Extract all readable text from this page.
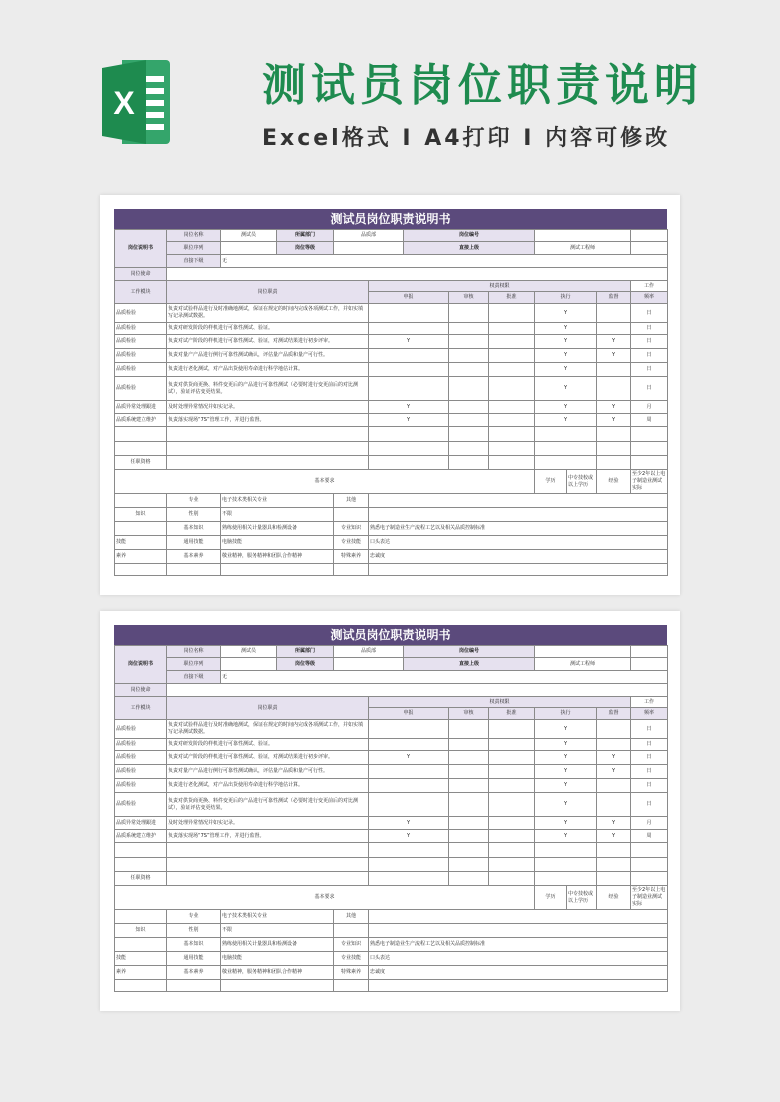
X	测试员岗位职责说明
Excel格式 I A4打印 I 内容可修改
测试员岗位职责说明书
岗位说明书	岗位名称	测试员	所属部门	品质部		岗位编号						
	职位序列		岗位等级			直接上级			测试工程师			
	直接下级	无										
岗位使命												
工作模块	岗位职责				权责权限							工作
					申报		审核	批准	执行		监督	频率
品质检验	负责对试验样品进行及时准确地测试，保证在规定的时间内完成各项测试工作，并如实填写记录测试数据。								Y			日
品质检验	负责对研发阶段的样机进行可靠性测试、验证。								Y			日
品质检验	负责对试产阶段的样机进行可靠性测试、验证，对测试结果进行初步评审。				Y				Y		Y	日
品质检验	负责对量产产品进行例行可靠性测试确认，评估量产品质和量产可行性。								Y		Y	日
品质检验	负责进行老化测试，对产品出货使用寿命进行科学地估计算。								Y			日
品质检验	负责对供货商更换、料件变更后的产品进行可靠性测试（必要时进行变更前后的对比测试），验证评估变更结果。								Y			日
品质异常处理跟进	及时处理异常情况并如实记录。				Y				Y		Y	月
品质系统建立维护	负责落实现场“7S”管理工作，并进行监督。				Y				Y		Y	周

任职资格												
基本要求									学历	中专技校或以上学历	经验	至少2年以上电子制造业测试实际
	专业	电子技术类相关专业		其他								
知识	性别	不限										
	基本知识	熟练使用相关计量器具和检测设备		专业知识	熟悉电子制造业生产流程工艺以及相关品质控制标准							
技能	通用技能	电脑技能		专业技能	口头表达							
素养	基本素养	敬业精神，服务精神和团队合作精神		特殊素养	忠诚度							

测试员岗位职责说明书
岗位说明书	岗位名称	测试员	所属部门	品质部		岗位编号						
	职位序列		岗位等级			直接上级			测试工程师			
	直接下级	无										
岗位使命												
工作模块	岗位职责				权责权限							工作
					申报		审核	批准	执行		监督	频率
品质检验	负责对试验样品进行及时准确地测试，保证在规定的时间内完成各项测试工作，并如实填写记录测试数据。								Y			日
品质检验	负责对研发阶段的样机进行可靠性测试、验证。								Y			日
品质检验	负责对试产阶段的样机进行可靠性测试、验证，对测试结果进行初步评审。				Y				Y		Y	日
品质检验	负责对量产产品进行例行可靠性测试确认，评估量产品质和量产可行性。								Y		Y	日
品质检验	负责进行老化测试，对产品出货使用寿命进行科学地估计算。								Y			日
品质检验	负责对供货商更换、料件变更后的产品进行可靠性测试（必要时进行变更前后的对比测试），验证评估变更结果。								Y			日
品质异常处理跟进	及时处理异常情况并如实记录。				Y				Y		Y	月
品质系统建立维护	负责落实现场“7S”管理工作，并进行监督。				Y				Y		Y	周

任职资格												
基本要求									学历	中专技校或以上学历	经验	至少2年以上电子制造业测试实际
	专业	电子技术类相关专业		其他								
知识	性别	不限										
	基本知识	熟练使用相关计量器具和检测设备		专业知识	熟悉电子制造业生产流程工艺以及相关品质控制标准							
技能	通用技能	电脑技能		专业技能	口头表达							
素养	基本素养	敬业精神，服务精神和团队合作精神		特殊素养	忠诚度							
